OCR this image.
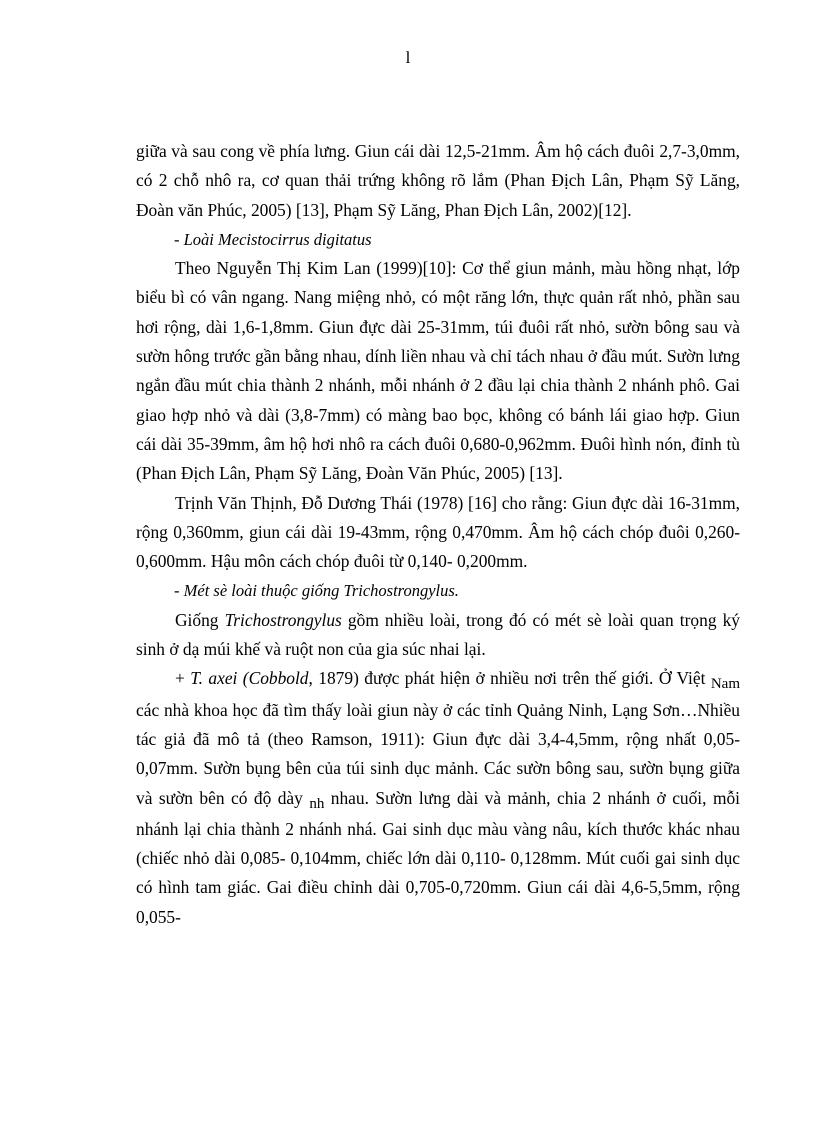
l

giữa và sau cong về phía lưng. Giun cái dài 12,5-21mm. Âm hộ cách đuôi 2,7-3,0mm, có 2 chỗ nhô ra, cơ quan thải trứng không rõ lắm (Phan Địch Lân, Phạm Sỹ Lăng, Đoàn văn Phúc, 2005) [13], Phạm Sỹ Lăng, Phan Địch Lân, 2002)[12].

- Loài Mecistocirrus digitatus

Theo Nguyễn Thị Kim Lan (1999)[10]: Cơ thể giun mảnh, màu hồng nhạt, lớp biểu bì có vân ngang. Nang miệng nhỏ, có một răng lớn, thực quản rất nhỏ, phần sau hơi rộng, dài 1,6-1,8mm. Giun đực dài 25-31mm, túi đuôi rất nhỏ, sườn bông sau và sườn hông trước gần bằng nhau, dính liền nhau và chỉ tách nhau ở đầu mút. Sườn lưng ngắn đầu mút chia thành 2 nhánh, mỗi nhánh ở 2 đầu lại chia thành 2 nhánh phô. Gai giao hợp nhỏ và dài (3,8-7mm) có màng bao bọc, không có bánh lái giao hợp. Giun cái dài 35-39mm, âm hộ hơi nhô ra cách đuôi 0,680-0,962mm. Đuôi hình nón, đỉnh tù (Phan Địch Lân, Phạm Sỹ Lăng, Đoàn Văn Phúc, 2005) [13].

Trịnh Văn Thịnh, Đỗ Dương Thái (1978) [16] cho rằng: Giun đực dài 16-31mm, rộng 0,360mm, giun cái dài 19-43mm, rộng 0,470mm. Âm hộ cách chóp đuôi 0,260- 0,600mm. Hậu môn cách chóp đuôi từ 0,140- 0,200mm.

- Mét sè loài thuộc giống Trichostrongylus.

Giống Trichostrongylus gồm nhiều loài, trong đó có mét sè loài quan trọng ký sinh ở dạ múi khế và ruột non của gia súc nhai lại.

+ T. axei (Cobbold, 1879) được phát hiện ở nhiều nơi trên thế giới. Ở Việt Nam các nhà khoa học đã tìm thấy loài giun này ở các tỉnh Quảng Ninh, Lạng Sơn…Nhiều tác giả đã mô tả (theo Ramson, 1911): Giun đực dài 3,4-4,5mm, rộng nhất 0,05-0,07mm. Sườn bụng bên của túi sinh dục mảnh. Các sườn bông sau, sườn bụng giữa và sườn bên có độ dày nh nhau. Sườn lưng dài và mảnh, chia 2 nhánh ở cuối, mỗi nhánh lại chia thành 2 nhánh nhá. Gai sinh dục màu vàng nâu, kích thước khác nhau (chiếc nhỏ dài 0,085- 0,104mm, chiếc lớn dài 0,110- 0,128mm. Mút cuối gai sinh dục có hình tam giác. Gai điều chỉnh dài 0,705-0,720mm. Giun cái dài 4,6-5,5mm, rộng 0,055-
